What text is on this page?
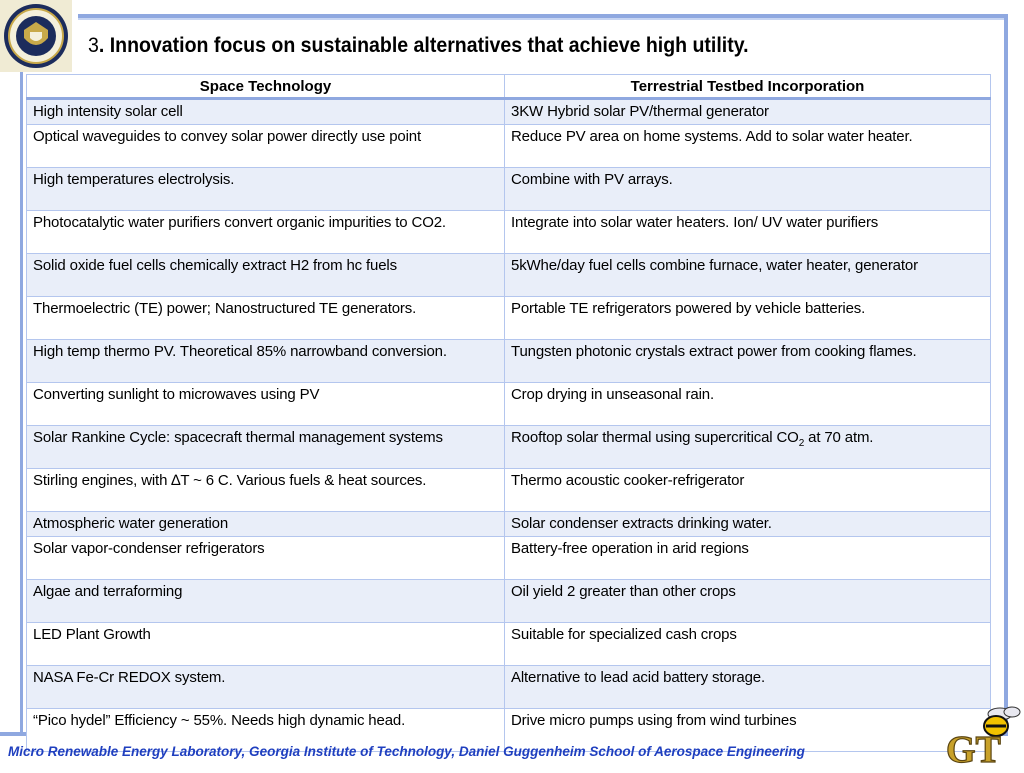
3. Innovation focus on sustainable alternatives that achieve high utility.
Space Technology	Terrestrial Testbed Incorporation
High intensity solar cell	3KW Hybrid solar PV/thermal generator
Optical waveguides to convey solar power directly use point	Reduce PV area on home systems. Add to solar water heater.
High temperatures electrolysis.	Combine with PV arrays.
Photocatalytic water purifiers convert organic impurities to CO2.	Integrate into solar water heaters. Ion/ UV water purifiers
Solid oxide fuel cells chemically extract H2 from hc fuels	5kWhe/day fuel cells combine furnace, water heater, generator
Thermoelectric (TE) power; Nanostructured TE generators.	Portable TE refrigerators powered by vehicle batteries.
High temp thermo PV. Theoretical 85% narrowband conversion.	Tungsten photonic crystals extract power from cooking flames.
Converting sunlight to microwaves using PV	Crop drying in unseasonal rain.
Solar Rankine Cycle: spacecraft thermal management systems	Rooftop solar thermal using supercritical $CO_2$ at 70 atm.
Stirling engines, with ∆T ~ 6 C. Various fuels & heat sources.	Thermo acoustic cooker-refrigerator
Atmospheric water generation	Solar condenser extracts drinking water.
Solar vapor-condenser refrigerators	Battery-free operation in arid regions
Algae and terraforming	Oil yield 2 greater than other crops
LED Plant Growth	Suitable for specialized cash crops
NASA Fe-Cr REDOX system.	Alternative to lead acid battery storage.
“Pico hydel” Efficiency ~ 55%. Needs high dynamic head.	Drive micro pumps using from wind turbines
Micro Renewable Energy Laboratory, Georgia Institute of Technology, Daniel Guggenheim School of Aerospace Engineering	GT
